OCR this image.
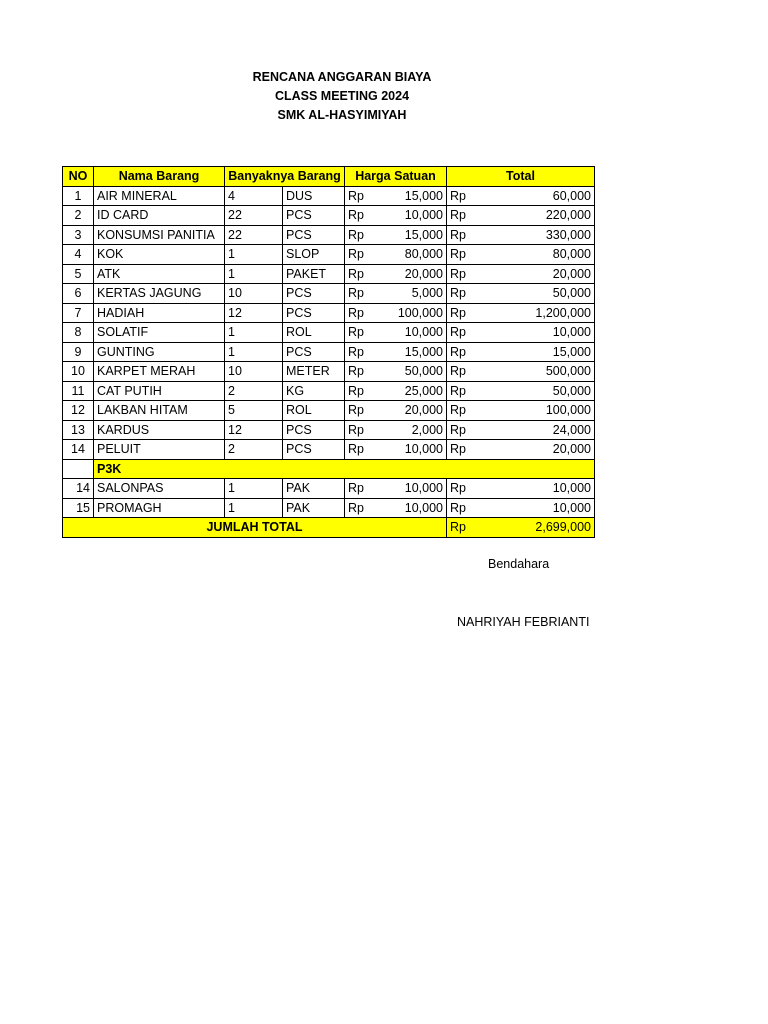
RENCANA ANGGARAN BIAYA
CLASS MEETING 2024
SMK AL-HASYIMIYAH
NO	Nama Barang	Banyaknya Barang		Harga Satuan		Total	
1	AIR MINERAL	4	DUS	Rp	15,000	Rp	60,000
2	ID CARD	22	PCS	Rp	10,000	Rp	220,000
3	KONSUMSI PANITIA	22	PCS	Rp	15,000	Rp	330,000
4	KOK	1	SLOP	Rp	80,000	Rp	80,000
5	ATK	1	PAKET	Rp	20,000	Rp	20,000
6	KERTAS JAGUNG	10	PCS	Rp	5,000	Rp	50,000
7	HADIAH	12	PCS	Rp	100,000	Rp	1,200,000
8	SOLATIF	1	ROL	Rp	10,000	Rp	10,000
9	GUNTING	1	PCS	Rp	15,000	Rp	15,000
10	KARPET MERAH	10	METER	Rp	50,000	Rp	500,000
11	CAT PUTIH	2	KG	Rp	25,000	Rp	50,000
12	LAKBAN HITAM	5	ROL	Rp	20,000	Rp	100,000
13	KARDUS	12	PCS	Rp	2,000	Rp	24,000
14	PELUIT	2	PCS	Rp	10,000	Rp	20,000
	P3K						
14	SALONPAS	1	PAK	Rp	10,000	Rp	10,000
15	PROMAGH	1	PAK	Rp	10,000	Rp	10,000
JUMLAH TOTAL						Rp	2,699,000
Bendahara
NAHRIYAH FEBRIANTI
